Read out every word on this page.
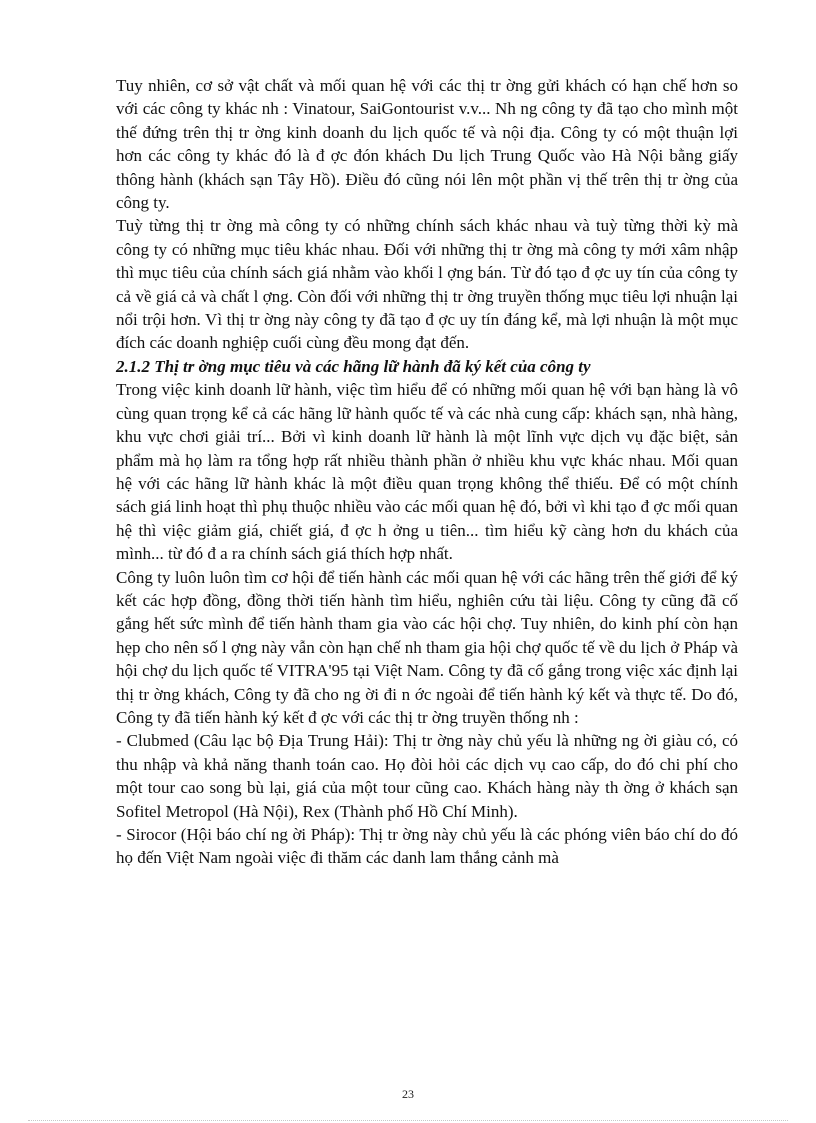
Tuy nhiên, cơ sở vật chất và mối quan hệ với các thị tr ờng gửi khách có hạn chế hơn so với các công ty khác nh : Vinatour, SaiGontourist v.v... Nh ng công ty đã tạo cho mình một thế đứng trên thị tr ờng kinh doanh du lịch quốc tế và nội địa. Công ty có một thuận lợi hơn các công ty khác đó là đ ợc đón khách Du lịch Trung Quốc vào Hà Nội bằng giấy thông hành (khách sạn Tây Hồ). Điều đó cũng nói lên một phần vị thế trên thị tr ờng của công ty.

Tuỳ từng thị tr ờng mà công ty có những chính sách khác nhau và tuỳ từng thời kỳ mà công ty có những mục tiêu khác nhau. Đối với những thị tr ờng mà công ty mới xâm nhập thì mục tiêu của chính sách giá nhằm vào khối l ợng bán. Từ đó tạo đ ợc uy tín của công ty cả về giá cả và chất l ợng. Còn đối với những thị tr ờng truyền thống mục tiêu lợi nhuận lại nổi trội hơn. Vì thị tr ờng này công ty đã tạo đ ợc uy tín đáng kể, mà lợi nhuận là một mục đích các doanh nghiệp cuối cùng đều mong đạt đến.

2.1.2 Thị tr ờng mục tiêu và các hãng lữ hành đã ký kết của công ty

Trong việc kinh doanh lữ hành, việc tìm hiểu để có những mối quan hệ với bạn hàng là vô cùng quan trọng kể cả các hãng lữ hành quốc tế và các nhà cung cấp: khách sạn, nhà hàng, khu vực chơi giải trí... Bởi vì kinh doanh lữ hành là một lĩnh vực dịch vụ đặc biệt, sản phẩm mà họ làm ra tổng hợp rất nhiều thành phần ở nhiều khu vực khác nhau. Mối quan hệ với các hãng lữ hành khác là một điều quan trọng không thể thiếu. Để có một chính sách giá linh hoạt thì phụ thuộc nhiều vào các mối quan hệ đó, bởi vì khi tạo đ ợc mối quan hệ thì việc giảm giá, chiết giá, đ ợc h ởng u tiên... tìm hiểu kỹ càng hơn du khách của mình... từ đó đ a ra chính sách giá thích hợp nhất.

Công ty luôn luôn tìm cơ hội để tiến hành các mối quan hệ với các hãng trên thế giới để ký kết các hợp đồng, đồng thời tiến hành tìm hiểu, nghiên cứu tài liệu. Công ty cũng đã cố gắng hết sức mình để tiến hành tham gia vào các hội chợ. Tuy nhiên, do kinh phí còn hạn hẹp cho nên số l ợng này vẫn còn hạn chế nh tham gia hội chợ quốc tế về du lịch ở Pháp và hội chợ du lịch quốc tế VITRA'95 tại Việt Nam. Công ty đã cố gắng trong việc xác định lại thị tr ờng khách, Công ty đã cho ng ời đi n ớc ngoài để tiến hành ký kết và thực tế. Do đó, Công ty đã tiến hành ký kết đ ợc với các thị tr ờng truyền thống nh :

- Clubmed (Câu lạc bộ Địa Trung Hải): Thị tr ờng này chủ yếu là những ng ời giàu có, có thu nhập và khả năng thanh toán cao. Họ đòi hỏi các dịch vụ cao cấp, do đó chi phí cho một tour cao song bù lại, giá của một tour cũng cao. Khách hàng này th ờng ở khách sạn Sofitel Metropol (Hà Nội), Rex (Thành phố Hồ Chí Minh).

- Sirocor (Hội báo chí ng ời Pháp): Thị tr ờng này chủ yếu là các phóng viên báo chí do đó họ đến Việt Nam ngoài việc đi thăm các danh lam thắng cảnh mà

23
